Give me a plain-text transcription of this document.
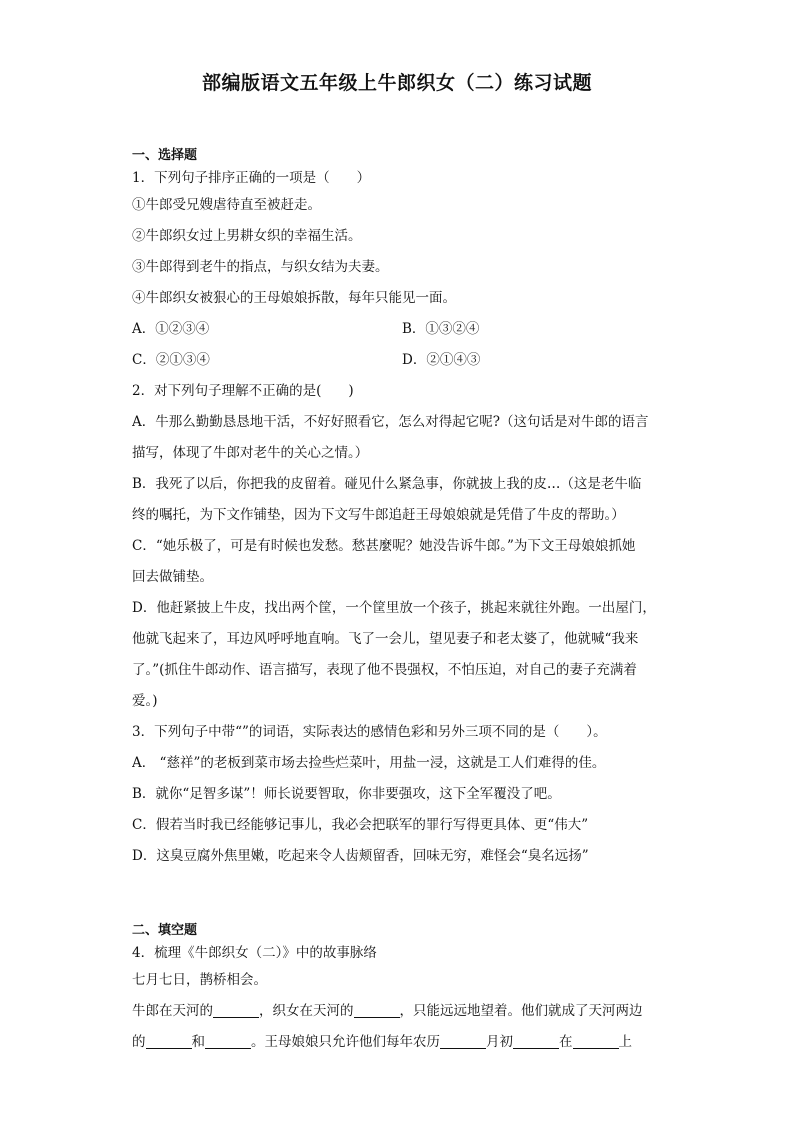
部编版语文五年级上牛郎织女（二）练习试题
一、选择题
1．下列句子排序正确的一项是（　　）
①牛郎受兄嫂虐待直至被赶走。
②牛郎织女过上男耕女织的幸福生活。
③牛郎得到老牛的指点，与织女结为夫妻。
④牛郎织女被狠心的王母娘娘拆散，每年只能见一面。
A．①②③④	B．①③②④
C．②①③④	D．②①④③
2．对下列句子理解不正确的是(　　)
A．牛那么勤勤恳恳地干活，不好好照看它，怎么对得起它呢?（这句话是对牛郎的语言
描写，体现了牛郎对老牛的关心之情。）
B．我死了以后，你把我的皮留着。碰见什么紧急事，你就披上我的皮…（这是老牛临
终的嘱托，为下文作铺垫，因为下文写牛郎追赶王母娘娘就是凭借了牛皮的帮助。）
C．“她乐极了，可是有时候也发愁。愁甚麼呢？她没告诉牛郎。”为下文王母娘娘抓她
回去做铺垫。
D．他赶紧披上牛皮，找出两个筐，一个筐里放一个孩子，挑起来就往外跑。一出屋门，
他就飞起来了，耳边风呼呼地直响。飞了一会儿，望见妻子和老太婆了，他就喊“我来
了。”(抓住牛郎动作、语言描写，表现了他不畏强权，不怕压迫，对自己的妻子充满着
爱。)
3．下列句子中带“”的词语，实际表达的感情色彩和另外三项不同的是（　　）。
A． “慈祥”的老板到菜市场去捡些烂菜叶，用盐一浸，这就是工人们难得的佳。
B．就你“足智多谋”！师长说要智取，你非要强攻，这下全军覆没了吧。
C．假若当时我已经能够记事儿，我必会把联军的罪行写得更具体、更“伟大”
D．这臭豆腐外焦里嫩，吃起来令人齿颊留香，回味无穷，难怪会“臭名远扬”
二、填空题
4．梳理《牛郎织女（二）》中的故事脉络
七月七日，鹊桥相会。
牛郎在天河的	，织女在天河的	，只能远远地望着。他们就成了天河两边
的	和	。王母娘娘只允许他们每年农历	月初	在	上
